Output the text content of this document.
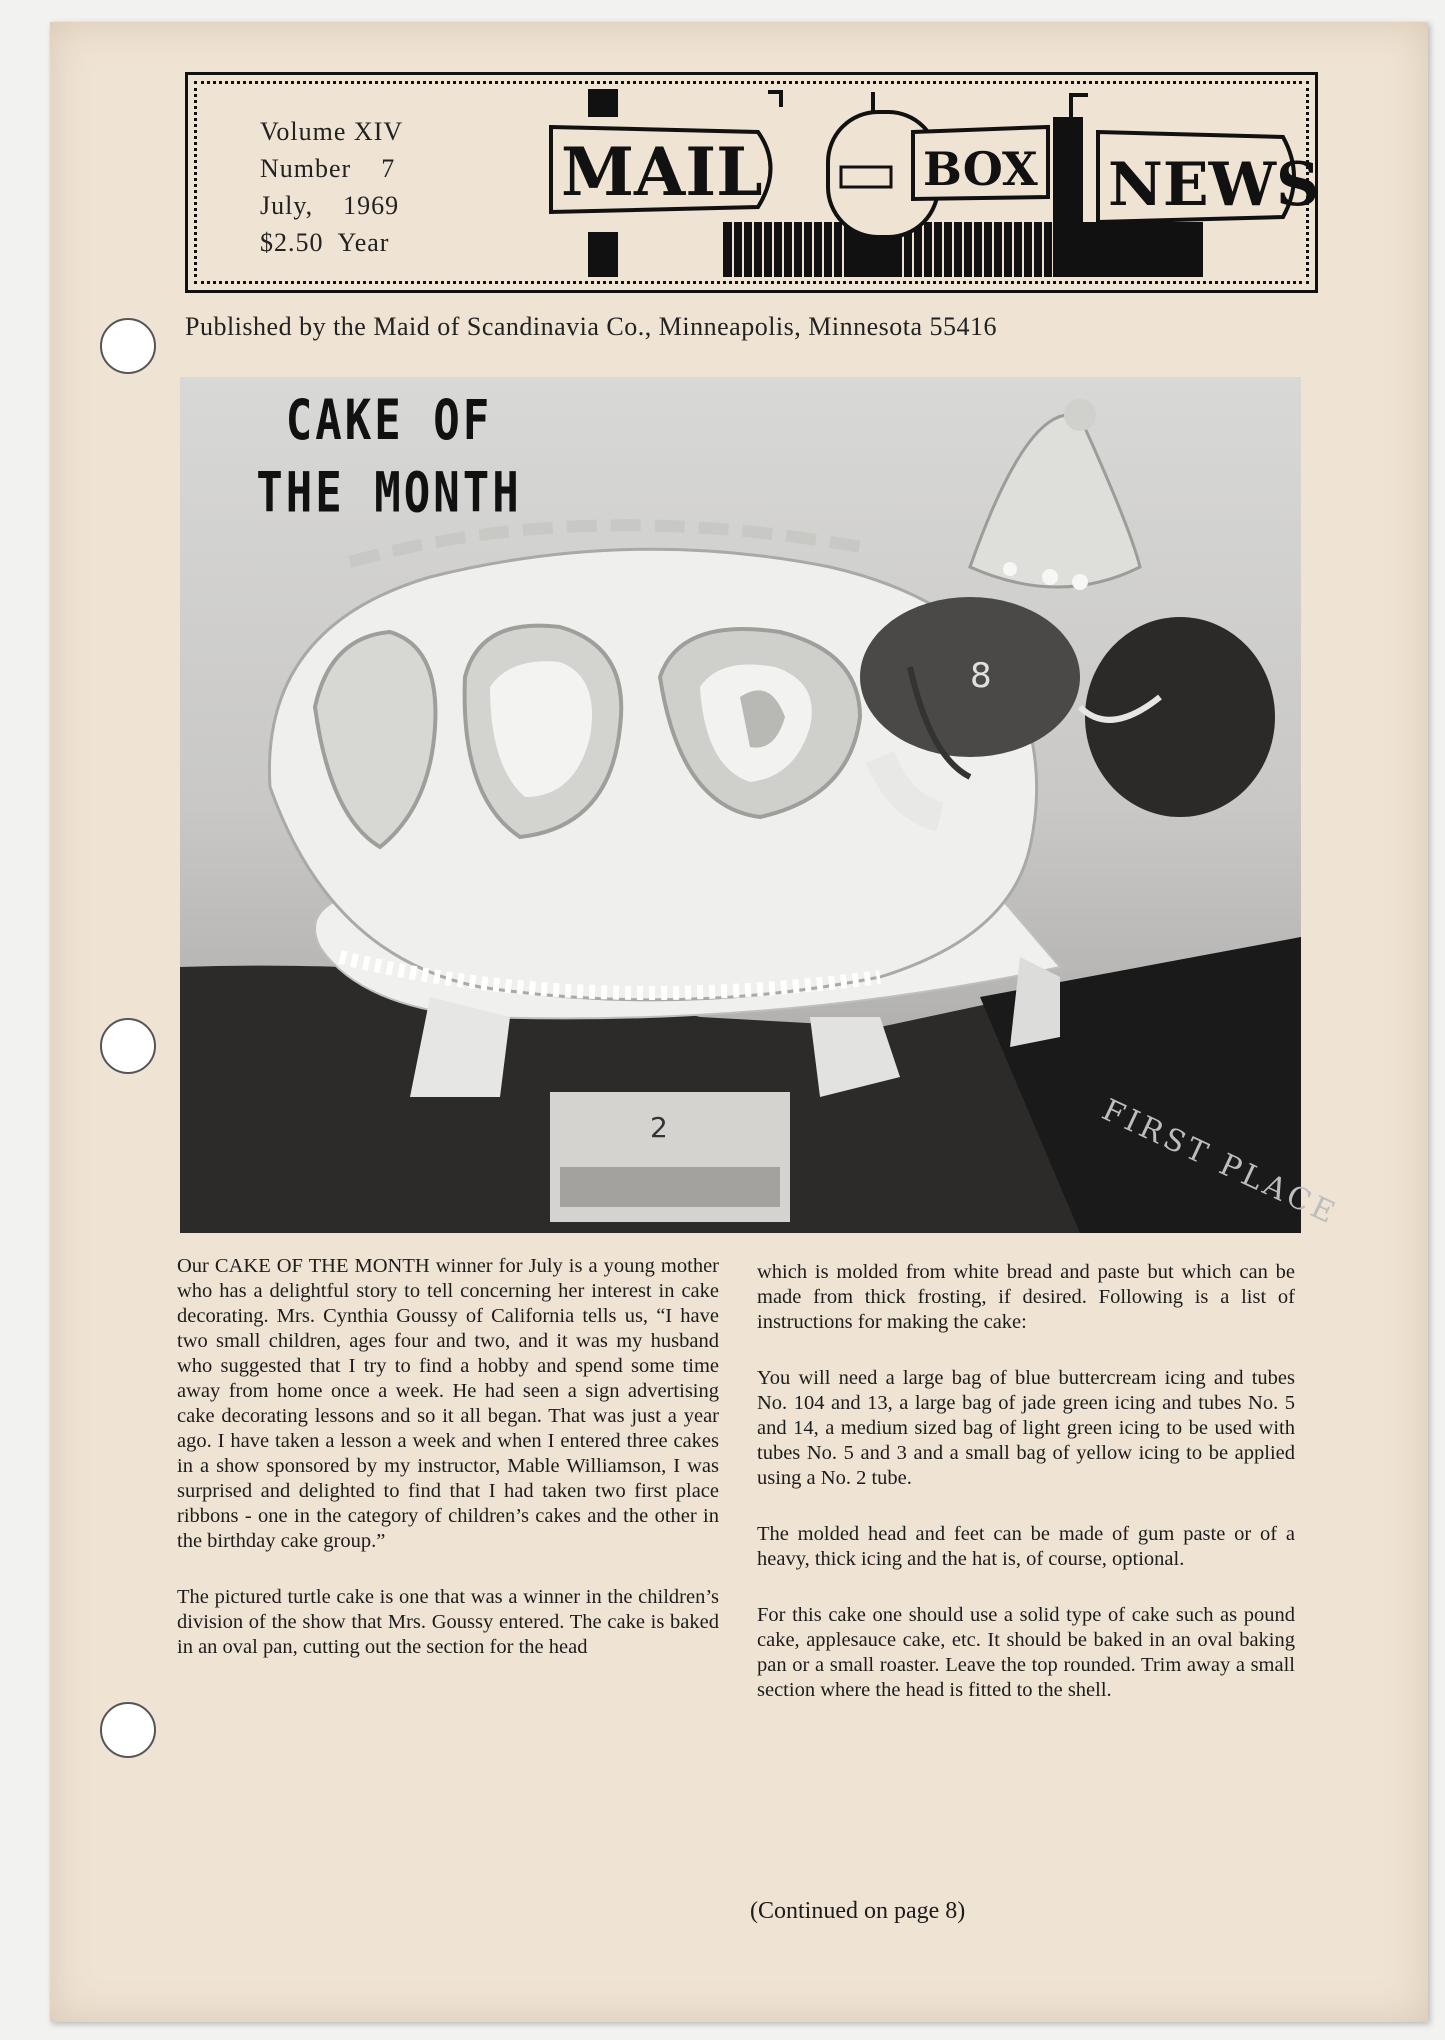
Volume XIV
Number    7
July,    1969
$2.50  Year
MAIL	BOX NEWS
Published by the Maid of Scandinavia Co., Minneapolis, Minnesota 55416
FIRST PLACE
2
8
CAKE OF
THE MONTH

Our CAKE OF THE MONTH winner for July is a young mother who has a delightful story to tell concerning her interest in cake decorating. Mrs. Cynthia Goussy of California tells us, “I have two small children, ages four and two, and it was my husband who suggested that I try to find a hobby and spend some time away from home once a week. He had seen a sign advertising cake decorating lessons and so it all began. That was just a year ago. I have taken a lesson a week and when I entered three cakes in a show sponsored by my instructor, Mable Williamson, I was surprised and delighted to find that I had taken two first place ribbons - one in the category of children’s cakes and the other in the birthday cake group.”

The pictured turtle cake is one that was a winner in the children’s division of the show that Mrs. Goussy entered. The cake is baked in an oval pan, cutting out the section for the head

which is molded from white bread and paste but which can be made from thick frosting, if desired. Following is a list of instructions for making the cake:

You will need a large bag of blue buttercream icing and tubes No. 104 and 13, a large bag of jade green icing and tubes No. 5 and 14, a medium sized bag of light green icing to be used with tubes No. 5 and 3 and a small bag of yellow icing to be applied using a No. 2 tube.

The molded head and feet can be made of gum paste or of a heavy, thick icing and the hat is, of course, optional.

For this cake one should use a solid type of cake such as pound cake, applesauce cake, etc. It should be baked in an oval baking pan or a small roaster. Leave the top rounded. Trim away a small section where the head is fitted to the shell.

(Continued on page 8)
